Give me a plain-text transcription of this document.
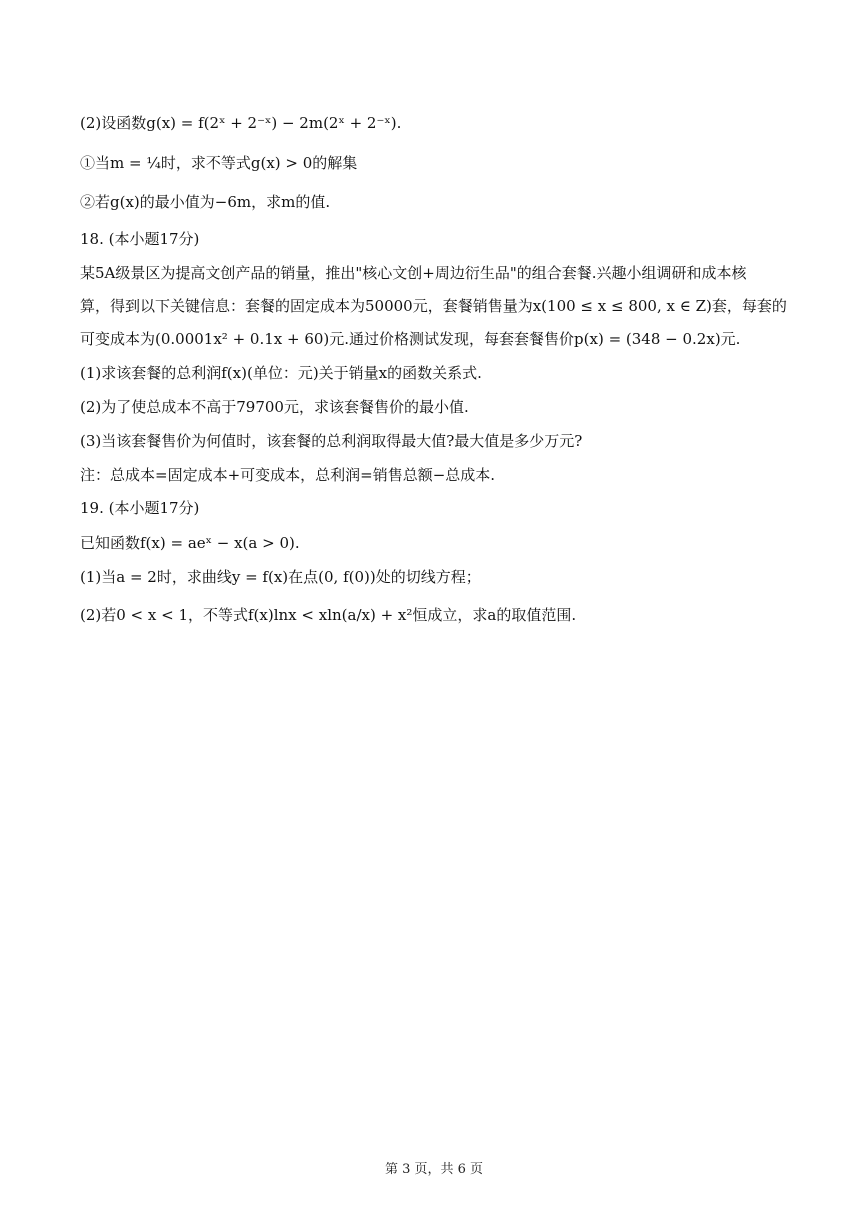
(2)设函数g(x) = f(2ˣ + 2⁻ˣ) − 2m(2ˣ + 2⁻ˣ).
①当m = ¼时，求不等式g(x) > 0的解集
②若g(x)的最小值为−6m，求m的值.
18. (本小题17分)
某5A级景区为提高文创产品的销量，推出"核心文创+周边衍生品"的组合套餐.兴趣小组调研和成本核
算，得到以下关键信息：套餐的固定成本为50000元，套餐销售量为x(100 ≤ x ≤ 800, x ∈ Z)套，每套的
可变成本为(0.0001x² + 0.1x + 60)元.通过价格测试发现，每套套餐售价p(x) = (348 − 0.2x)元.
(1)求该套餐的总利润f(x)(单位：元)关于销量x的函数关系式.
(2)为了使总成本不高于79700元，求该套餐售价的最小值.
(3)当该套餐售价为何值时，该套餐的总利润取得最大值?最大值是多少万元?
注：总成本=固定成本+可变成本，总利润=销售总额−总成本.
19. (本小题17分)
已知函数f(x) = aeˣ − x(a > 0).
(1)当a = 2时，求曲线y = f(x)在点(0, f(0))处的切线方程；
(2)若0 < x < 1，不等式f(x)lnx < xln(a/x) + x²恒成立，求a的取值范围.
第 3 页，共 6 页
